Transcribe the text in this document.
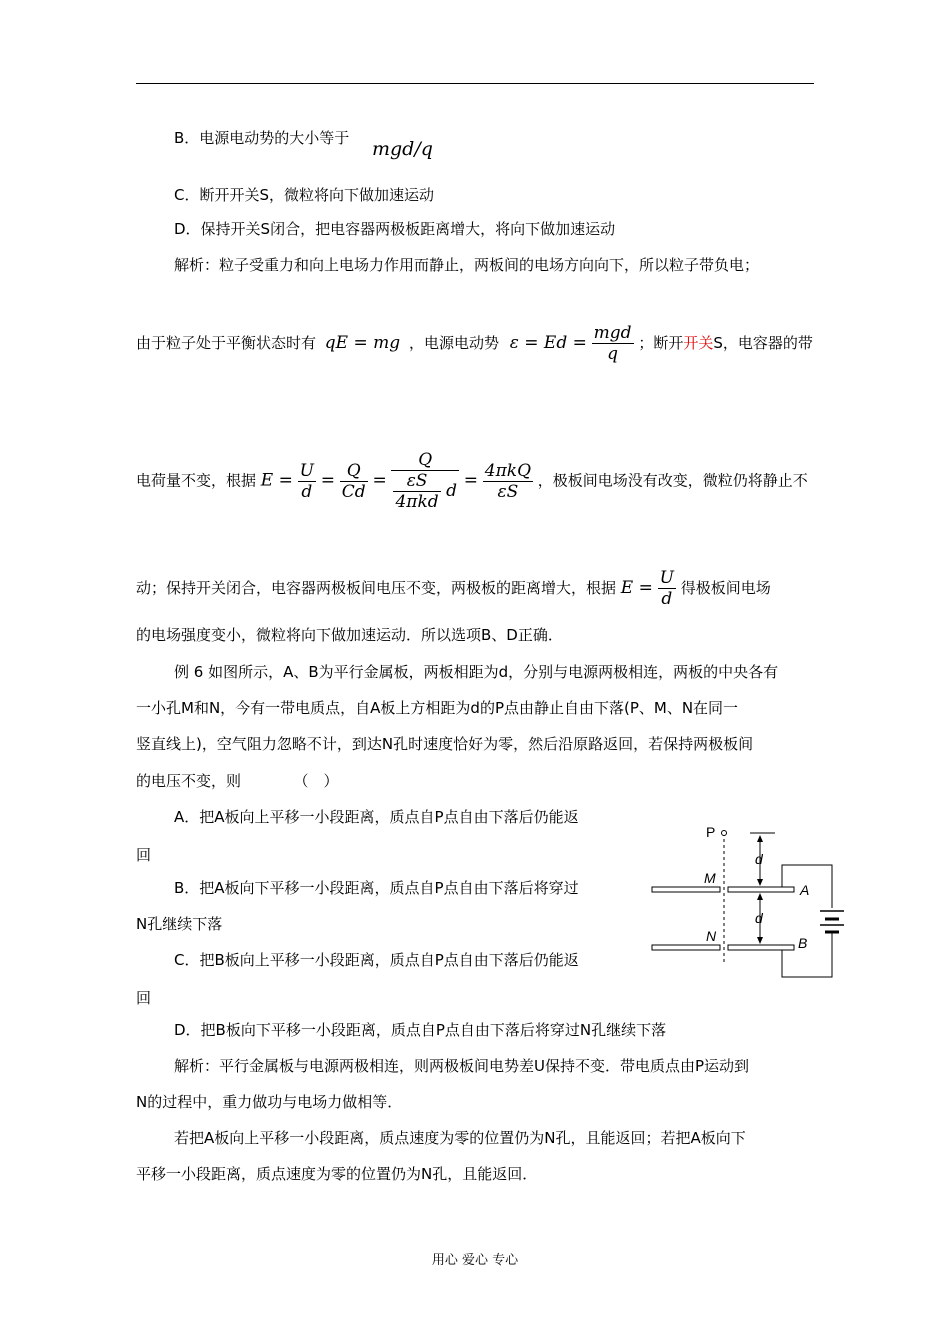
B．电源电动势的大小等于 mgd/q
C．断开开关S，微粒将向下做加速运动
D．保持开关S闭合，把电容器两极板距离增大，将向下做加速运动
解析：粒子受重力和向上电场力作用而静止，两板间的电场方向向下，所以粒子带负电；
由于粒子处于平衡状态时有 qE = mg ，电源电动势 $\varepsilon = Ed = \frac{\text{mgd}}{q}$ ；断开开关S，电容器的带
电荷量不变，根据 $E = \frac{U}{d} = \frac{Q}{Cd} = \frac{Q}{\frac{\varepsilon S}{\text{4πkd}} d} = \frac{\text{4πkQ}}{\varepsilon S}$ ，极板间电场没有改变，微粒仍将静止不
动；保持开关闭合，电容器两极板间电压不变，两极板的距离增大，根据 $E = \frac{U}{d}$ 得极板间电场
的电场强度变小，微粒将向下做加速运动．所以选项B、D正确．
例 6 如图所示，A、B为平行金属板，两板相距为d，分别与电源两极相连，两板的中央各有
一小孔M和N，今有一带电质点，自A板上方相距为d的P点由静止自由下落(P、M、N在同一
竖直线上)，空气阻力忽略不计，到达N孔时速度恰好为零，然后沿原路返回，若保持两极板间
的电压不变，则　　　　（　）
A．把A板向上平移一小段距离，质点自P点自由下落后仍能返
回
B．把A板向下平移一小段距离，质点自P点自由下落后将穿过
N孔继续下落
C．把B板向上平移一小段距离，质点自P点自由下落后仍能返
回
D．把B板向下平移一小段距离，质点自P点自由下落后将穿过N孔继续下落
解析：平行金属板与电源两极相连，则两极板间电势差U保持不变．带电质点由P运动到
N的过程中，重力做功与电场力做相等．
若把A板向上平移一小段距离，质点速度为零的位置仍为N孔，且能返回；若把A板向下
平移一小段距离，质点速度为零的位置仍为N孔，且能返回．
P
M
N
A
B
d
d
用心 爱心 专心
